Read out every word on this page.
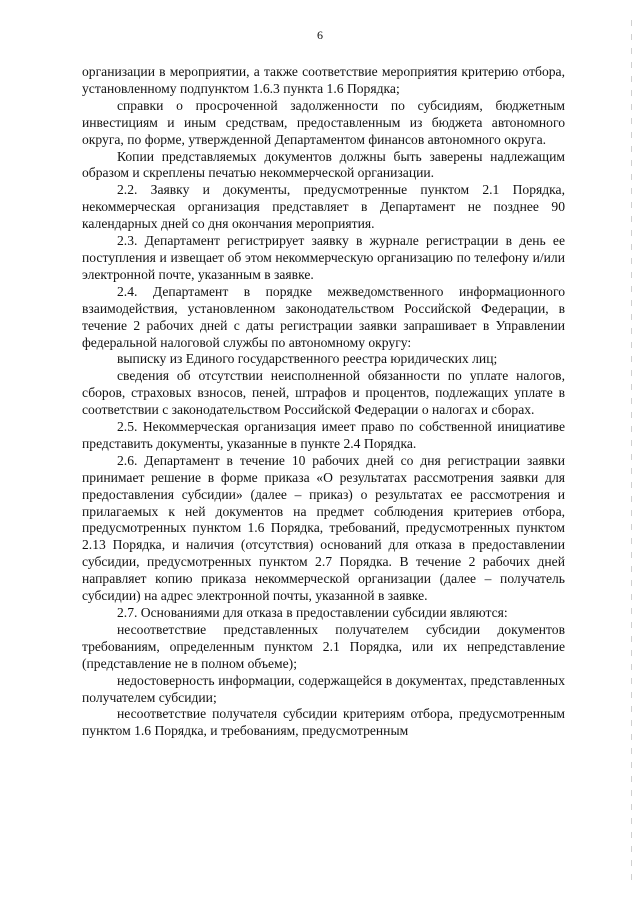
6

организации в мероприятии, а также соответствие мероприятия критерию отбора, установленному подпунктом 1.6.3 пункта 1.6 Порядка;

справки о просроченной задолженности по субсидиям, бюджетным инвестициям и иным средствам, предоставленным из бюджета автономного округа, по форме, утвержденной Департаментом финансов автономного округа.

Копии представляемых документов должны быть заверены надлежащим образом и скреплены печатью некоммерческой организации.

2.2. Заявку и документы, предусмотренные пунктом 2.1 Порядка, некоммерческая организация представляет в Департамент не позднее 90 календарных дней со дня окончания мероприятия.

2.3. Департамент регистрирует заявку в журнале регистрации в день ее поступления и извещает об этом некоммерческую организацию по телефону и/или электронной почте, указанным в заявке.

2.4. Департамент в порядке межведомственного информационного взаимодействия, установленном законодательством Российской Федерации, в течение 2 рабочих дней с даты регистрации заявки запрашивает в Управлении федеральной налоговой службы по автономному округу:

выписку из Единого государственного реестра юридических лиц;

сведения об отсутствии неисполненной обязанности по уплате налогов, сборов, страховых взносов, пеней, штрафов и процентов, подлежащих уплате в соответствии с законодательством Российской Федерации о налогах и сборах.

2.5. Некоммерческая организация имеет право по собственной инициативе представить документы, указанные в пункте 2.4 Порядка.

2.6. Департамент в течение 10 рабочих дней со дня регистрации заявки принимает решение в форме приказа «О результатах рассмотрения заявки для предоставления субсидии» (далее – приказ) о результатах ее рассмотрения и прилагаемых к ней документов на предмет соблюдения критериев отбора, предусмотренных пунктом 1.6 Порядка, требований, предусмотренных пунктом 2.13 Порядка, и наличия (отсутствия) оснований для отказа в предоставлении субсидии, предусмотренных пунктом 2.7 Порядка. В течение 2 рабочих дней направляет копию приказа некоммерческой организации (далее – получатель субсидии) на адрес электронной почты, указанной в заявке.

2.7. Основаниями для отказа в предоставлении субсидии являются:

несоответствие представленных получателем субсидии документов требованиям, определенным пунктом 2.1 Порядка, или их непредставление (представление не в полном объеме);

недостоверность информации, содержащейся в документах, представленных получателем субсидии;

несоответствие получателя субсидии критериям отбора, предусмотренным пунктом 1.6 Порядка, и требованиям, предусмотренным
